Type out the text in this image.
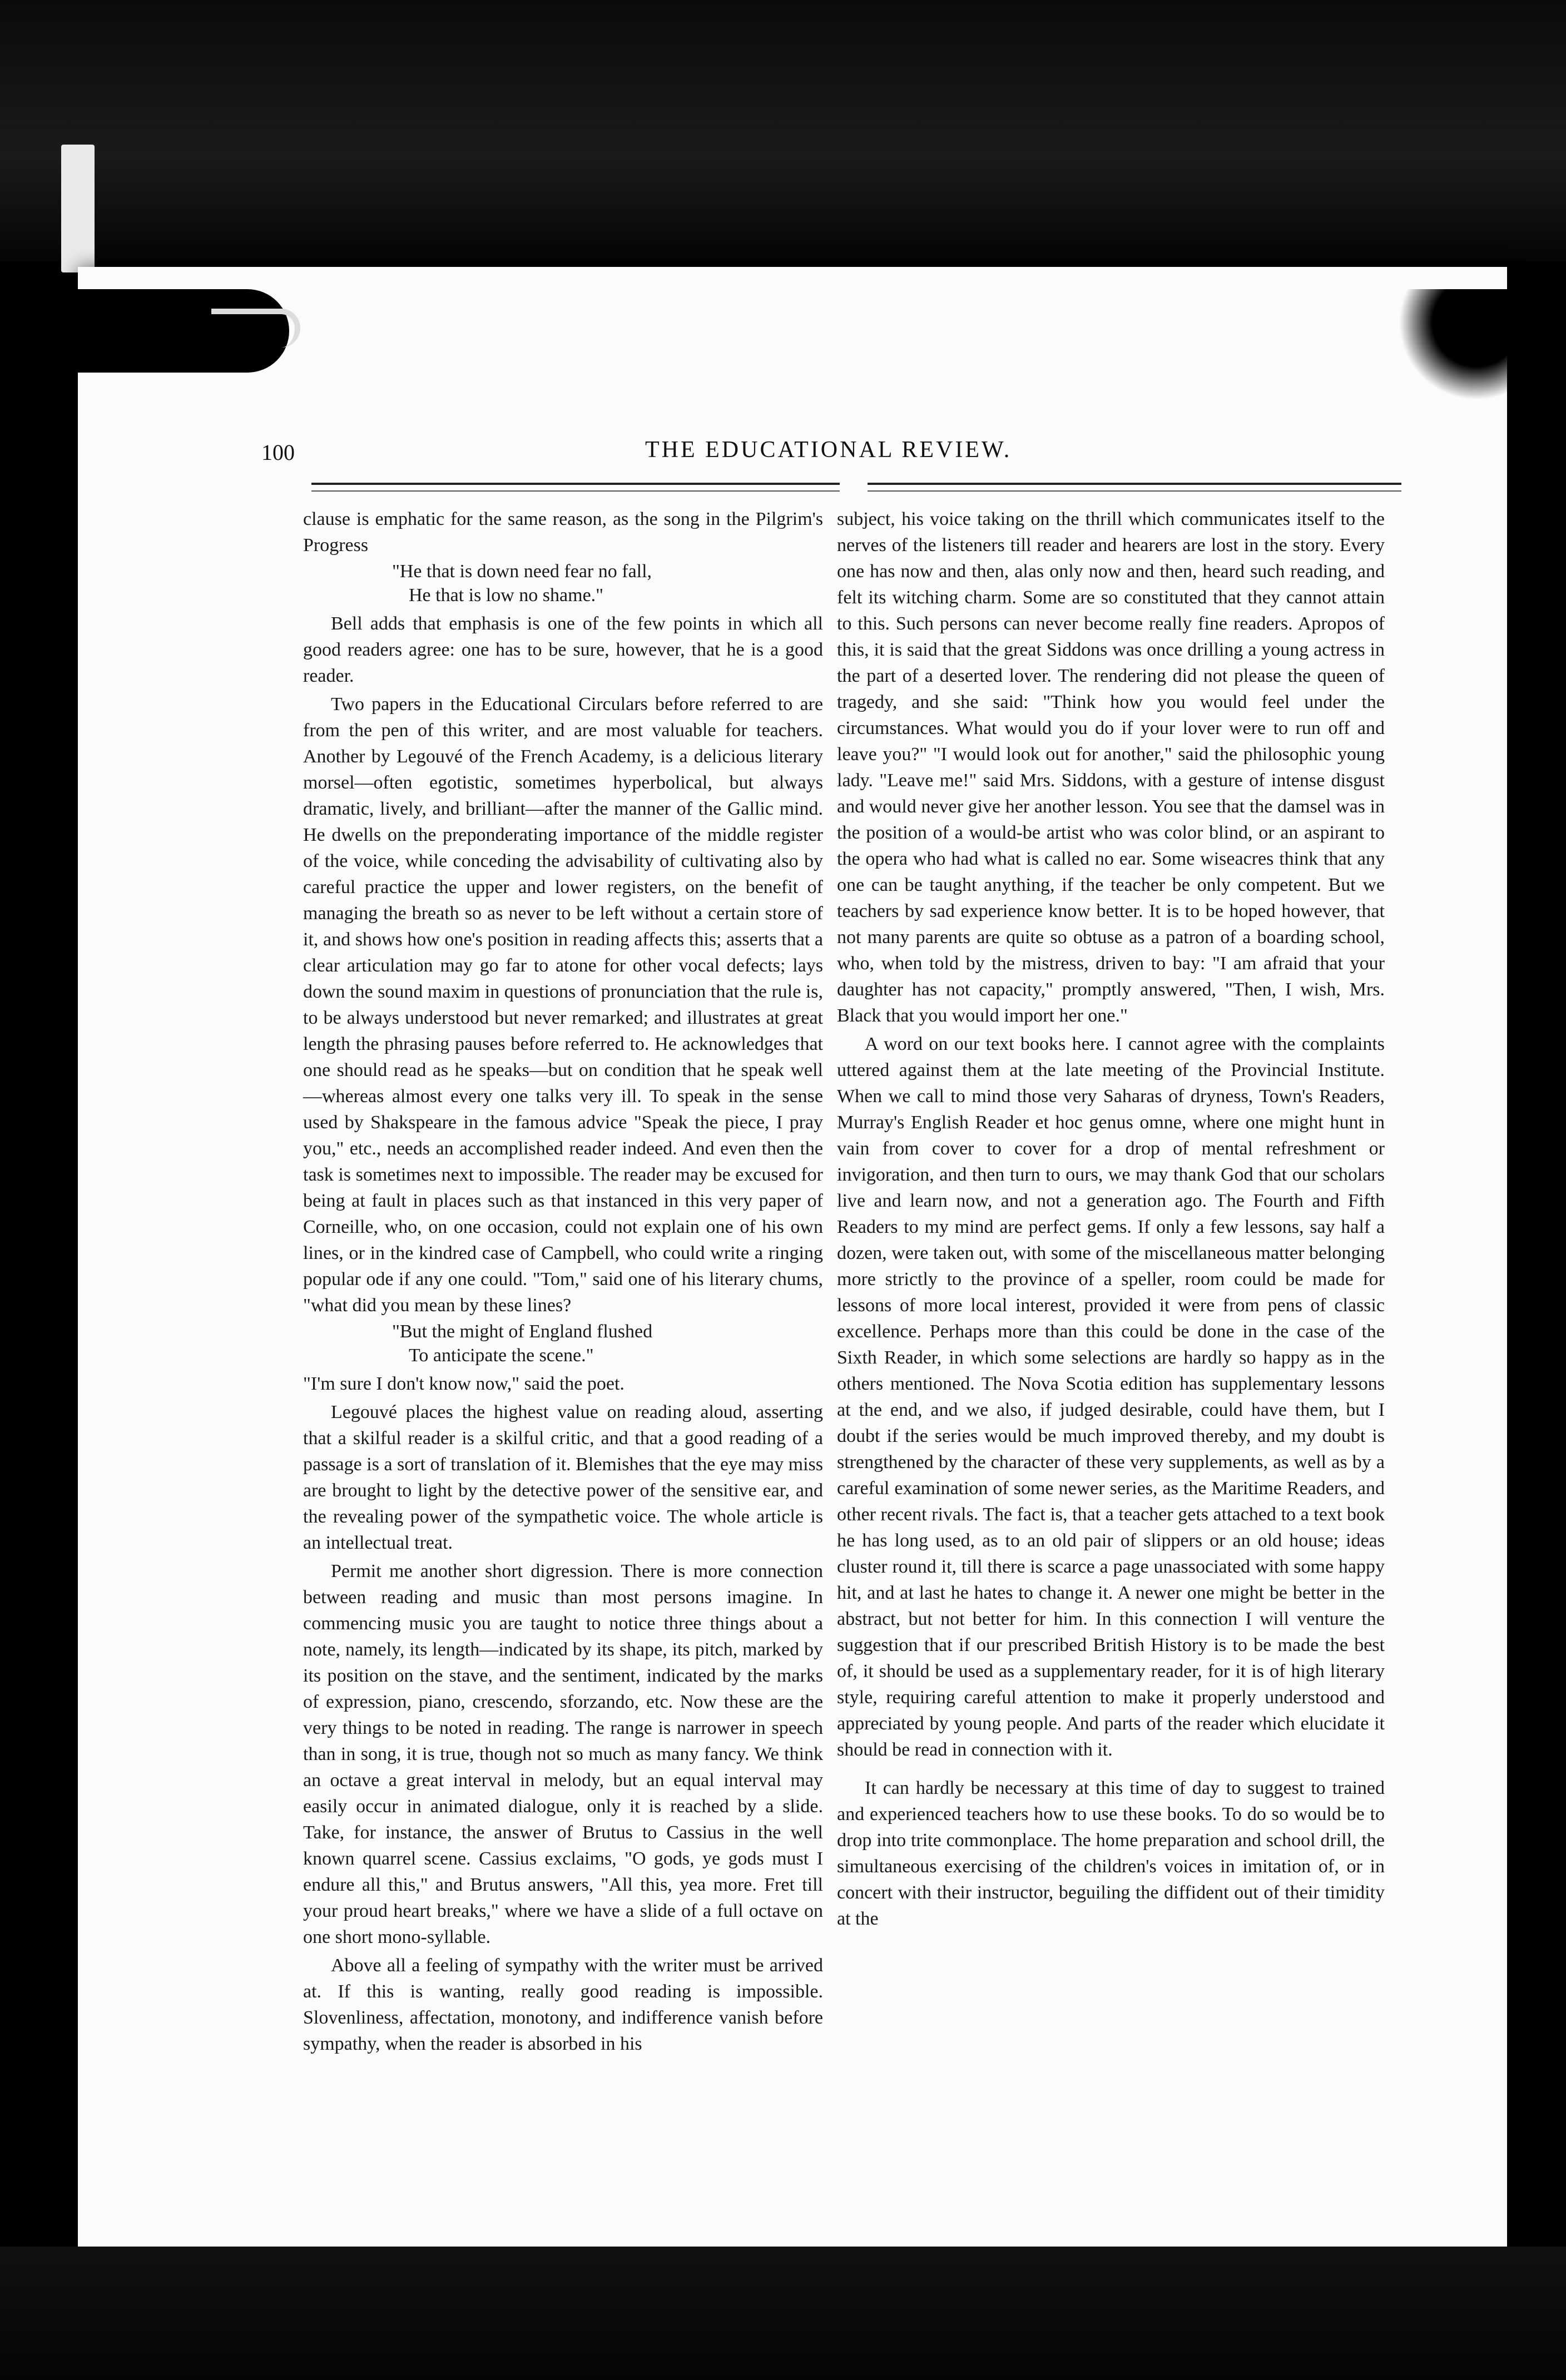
100	THE EDUCATIONAL REVIEW.

clause is emphatic for the same reason, as the song in the Pilgrim's Progress

"He that is down need fear no fall,
He that is low no shame."

Bell adds that emphasis is one of the few points in which all good readers agree: one has to be sure, however, that he is a good reader.

Two papers in the Educational Circulars before referred to are from the pen of this writer, and are most valuable for teachers. Another by Legouvé of the French Academy, is a delicious literary morsel—often egotistic, sometimes hyperbolical, but always dramatic, lively, and brilliant—after the manner of the Gallic mind. He dwells on the preponderating importance of the middle register of the voice, while conceding the advisability of cultivating also by careful practice the upper and lower registers, on the benefit of managing the breath so as never to be left without a certain store of it, and shows how one's position in reading affects this; asserts that a clear articulation may go far to atone for other vocal defects; lays down the sound maxim in questions of pronunciation that the rule is, to be always understood but never remarked; and illustrates at great length the phrasing pauses before referred to. He acknowledges that one should read as he speaks—but on condition that he speak well—whereas almost every one talks very ill. To speak in the sense used by Shakspeare in the famous advice "Speak the piece, I pray you," etc., needs an accomplished reader indeed. And even then the task is sometimes next to impossible. The reader may be excused for being at fault in places such as that instanced in this very paper of Corneille, who, on one occasion, could not explain one of his own lines, or in the kindred case of Campbell, who could write a ringing popular ode if any one could. "Tom," said one of his literary chums, "what did you mean by these lines?

"But the might of England flushed
To anticipate the scene."

"I'm sure I don't know now," said the poet.

Legouvé places the highest value on reading aloud, asserting that a skilful reader is a skilful critic, and that a good reading of a passage is a sort of translation of it. Blemishes that the eye may miss are brought to light by the detective power of the sensitive ear, and the revealing power of the sympathetic voice. The whole article is an intellectual treat.

Permit me another short digression. There is more connection between reading and music than most persons imagine. In commencing music you are taught to notice three things about a note, namely, its length—indicated by its shape, its pitch, marked by its position on the stave, and the sentiment, indicated by the marks of expression, piano, crescendo, sforzando, etc. Now these are the very things to be noted in reading. The range is narrower in speech than in song, it is true, though not so much as many fancy. We think an octave a great interval in melody, but an equal interval may easily occur in animated dialogue, only it is reached by a slide. Take, for instance, the answer of Brutus to Cassius in the well known quarrel scene. Cassius exclaims, "O gods, ye gods must I endure all this," and Brutus answers, "All this, yea more. Fret till your proud heart breaks," where we have a slide of a full octave on one short mono-syllable.

Above all a feeling of sympathy with the writer must be arrived at. If this is wanting, really good reading is impossible. Slovenliness, affectation, monotony, and indifference vanish before sympathy, when the reader is absorbed in his

subject, his voice taking on the thrill which communicates itself to the nerves of the listeners till reader and hearers are lost in the story. Every one has now and then, alas only now and then, heard such reading, and felt its witching charm. Some are so constituted that they cannot attain to this. Such persons can never become really fine readers. Apropos of this, it is said that the great Siddons was once drilling a young actress in the part of a deserted lover. The rendering did not please the queen of tragedy, and she said: "Think how you would feel under the circumstances. What would you do if your lover were to run off and leave you?" "I would look out for another," said the philosophic young lady. "Leave me!" said Mrs. Siddons, with a gesture of intense disgust and would never give her another lesson. You see that the damsel was in the position of a would-be artist who was color blind, or an aspirant to the opera who had what is called no ear. Some wiseacres think that any one can be taught anything, if the teacher be only competent. But we teachers by sad experience know better. It is to be hoped however, that not many parents are quite so obtuse as a patron of a boarding school, who, when told by the mistress, driven to bay: "I am afraid that your daughter has not capacity," promptly answered, "Then, I wish, Mrs. Black that you would import her one."

A word on our text books here. I cannot agree with the complaints uttered against them at the late meeting of the Provincial Institute. When we call to mind those very Saharas of dryness, Town's Readers, Murray's English Reader et hoc genus omne, where one might hunt in vain from cover to cover for a drop of mental refreshment or invigoration, and then turn to ours, we may thank God that our scholars live and learn now, and not a generation ago. The Fourth and Fifth Readers to my mind are perfect gems. If only a few lessons, say half a dozen, were taken out, with some of the miscellaneous matter belonging more strictly to the province of a speller, room could be made for lessons of more local interest, provided it were from pens of classic excellence. Perhaps more than this could be done in the case of the Sixth Reader, in which some selections are hardly so happy as in the others mentioned. The Nova Scotia edition has supplementary lessons at the end, and we also, if judged desirable, could have them, but I doubt if the series would be much improved thereby, and my doubt is strengthened by the character of these very supplements, as well as by a careful examination of some newer series, as the Maritime Readers, and other recent rivals. The fact is, that a teacher gets attached to a text book he has long used, as to an old pair of slippers or an old house; ideas cluster round it, till there is scarce a page unassociated with some happy hit, and at last he hates to change it. A newer one might be better in the abstract, but not better for him. In this connection I will venture the suggestion that if our prescribed British History is to be made the best of, it should be used as a supplementary reader, for it is of high literary style, requiring careful attention to make it properly understood and appreciated by young people. And parts of the reader which elucidate it should be read in connection with it.

It can hardly be necessary at this time of day to suggest to trained and experienced teachers how to use these books. To do so would be to drop into trite commonplace. The home preparation and school drill, the simultaneous exercising of the children's voices in imitation of, or in concert with their instructor, beguiling the diffident out of their timidity at the
